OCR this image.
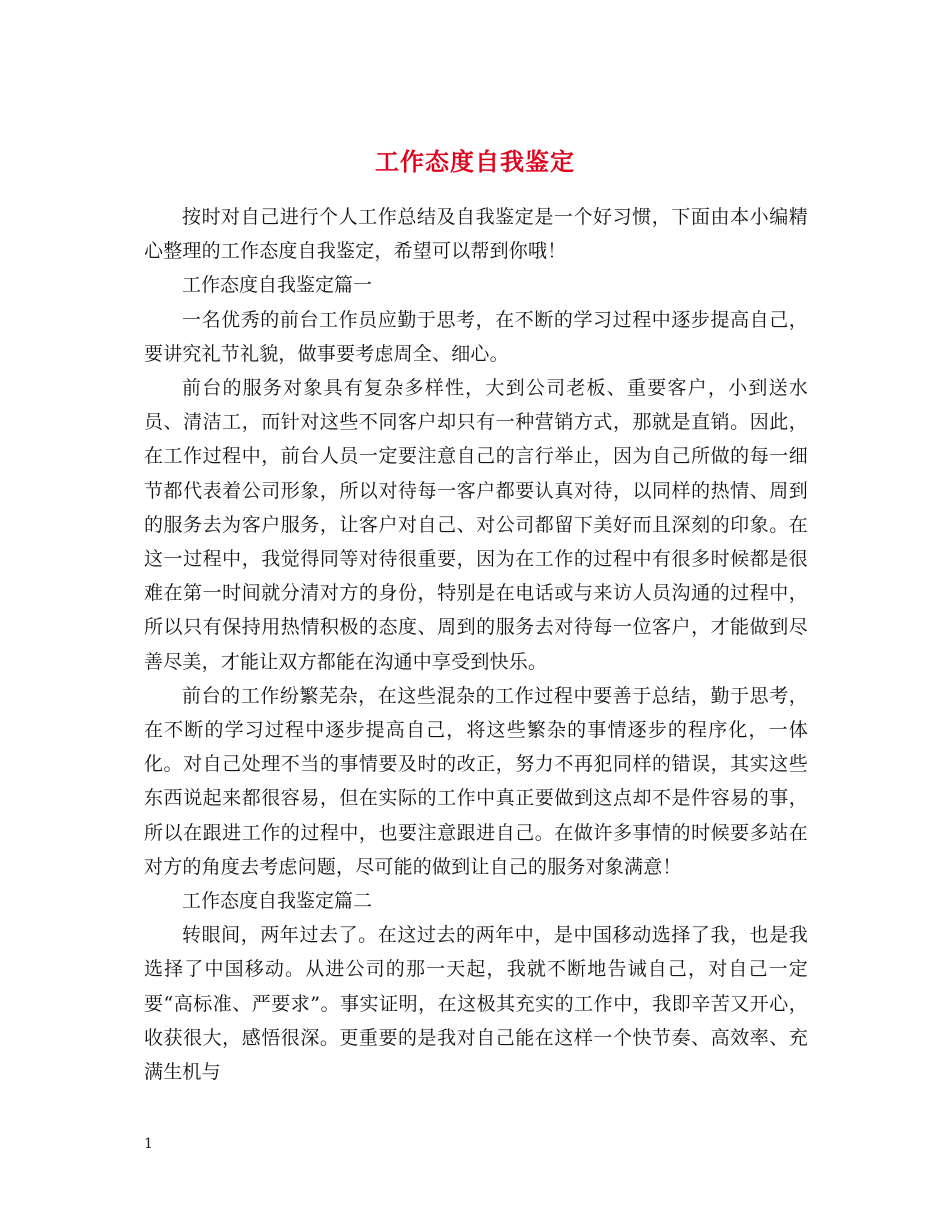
工作态度自我鉴定

按时对自己进行个人工作总结及自我鉴定是一个好习惯，下面由本小编精心整理的工作态度自我鉴定，希望可以帮到你哦！

工作态度自我鉴定篇一

一名优秀的前台工作员应勤于思考，在不断的学习过程中逐步提高自己，要讲究礼节礼貌，做事要考虑周全、细心。

前台的服务对象具有复杂多样性，大到公司老板、重要客户，小到送水员、清洁工，而针对这些不同客户却只有一种营销方式，那就是直销。因此，在工作过程中，前台人员一定要注意自己的言行举止，因为自己所做的每一细节都代表着公司形象，所以对待每一客户都要认真对待，以同样的热情、周到的服务去为客户服务，让客户对自己、对公司都留下美好而且深刻的印象。在这一过程中，我觉得同等对待很重要，因为在工作的过程中有很多时候都是很难在第一时间就分清对方的身份，特别是在电话或与来访人员沟通的过程中，所以只有保持用热情积极的态度、周到的服务去对待每一位客户，才能做到尽善尽美，才能让双方都能在沟通中享受到快乐。

前台的工作纷繁芜杂，在这些混杂的工作过程中要善于总结，勤于思考，在不断的学习过程中逐步提高自己，将这些繁杂的事情逐步的程序化，一体化。对自己处理不当的事情要及时的改正，努力不再犯同样的错误，其实这些东西说起来都很容易，但在实际的工作中真正要做到这点却不是件容易的事，所以在跟进工作的过程中，也要注意跟进自己。在做许多事情的时候要多站在对方的角度去考虑问题，尽可能的做到让自己的服务对象满意！

工作态度自我鉴定篇二

转眼间，两年过去了。在这过去的两年中，是中国移动选择了我，也是我选择了中国移动。从进公司的那一天起，我就不断地告诫自己，对自己一定要“高标准、严要求”。事实证明，在这极其充实的工作中，我即辛苦又开心，收获很大，感悟很深。更重要的是我对自己能在这样一个快节奏、高效率、充满生机与

1
